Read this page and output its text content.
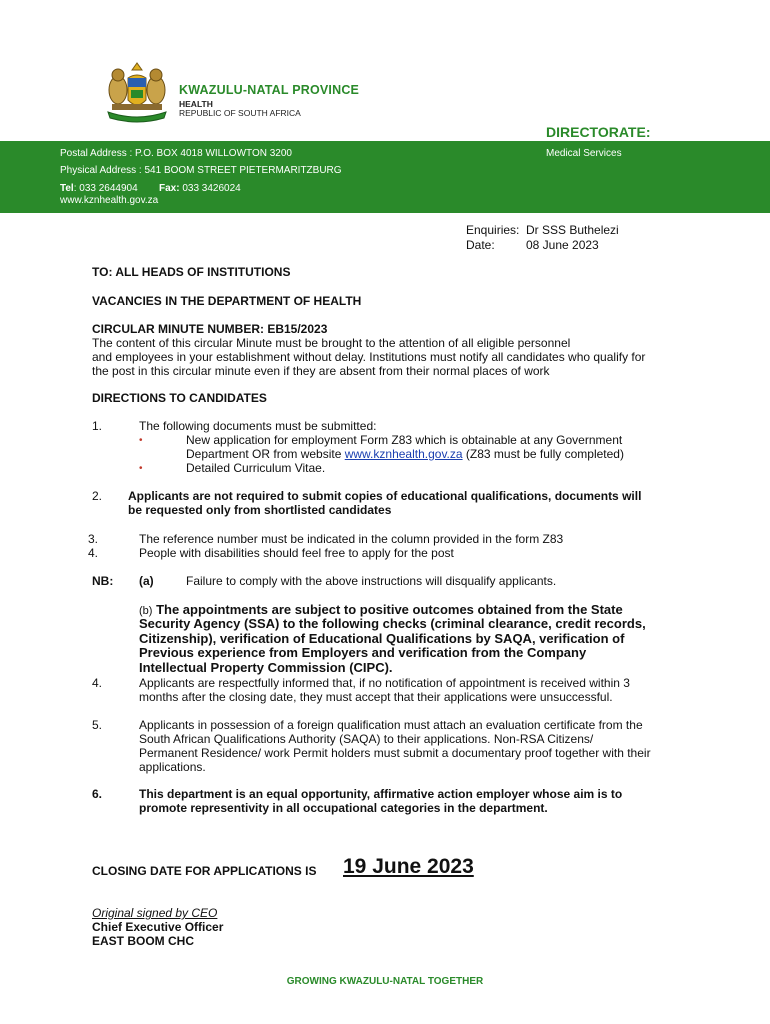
KWAZULU-NATAL PROVINCE
HEALTH
REPUBLIC OF SOUTH AFRICA
DIRECTORATE:
Postal Address : P.O. BOX 4018 WILLOWTON 3200
Physical Address : 541 BOOM STREET PIETERMARITZBURG
Tel: 033 2644904 Fax: 033 3426024
www.kznhealth.gov.za
Medical Services
Enquiries: Dr SSS Buthelezi
Date:	08 June 2023
TO: ALL HEADS OF INSTITUTIONS
VACANCIES IN THE DEPARTMENT OF HEALTH
CIRCULAR MINUTE NUMBER: EB15/2023
The content of this circular Minute must be brought to the attention of all eligible personnel
and employees in your establishment without delay. Institutions must notify all candidates who qualify for
the post in this circular minute even if they are absent from their normal places of work
DIRECTIONS TO CANDIDATES
1.	The following documents must be submitted:
•	New application for employment Form Z83 which is obtainable at any Government
Department OR from website www.kznhealth.gov.za (Z83 must be fully completed)
•	Detailed Curriculum Vitae.
2. Applicants are not required to submit copies of educational qualifications, documents will
be requested only from shortlisted candidates
3.	The reference number must be indicated in the column provided in the form Z83
4.	People with disabilities should feel free to apply for the post
NB: (a)	Failure to comply with the above instructions will disqualify applicants.
(b) The appointments are subject to positive outcomes obtained from the State
Security Agency (SSA) to the following checks (criminal clearance, credit records,
Citizenship), verification of Educational Qualifications by SAQA, verification of
Previous experience from Employers and verification from the Company
Intellectual Property Commission (CIPC).
4.	Applicants are respectfully informed that, if no notification of appointment is received within 3
months after the closing date, they must accept that their applications were unsuccessful.
5.	Applicants in possession of a foreign qualification must attach an evaluation certificate from the
South African Qualifications Authority (SAQA) to their applications. Non-RSA Citizens/
Permanent Residence/ work Permit holders must submit a documentary proof together with their
applications.
6.	This department is an equal opportunity, affirmative action employer whose aim is to
promote representivity in all occupational categories in the department.
CLOSING DATE FOR APPLICATIONS IS 19 June 2023
Original signed by CEO
Chief Executive Officer
EAST BOOM CHC
GROWING KWAZULU-NATAL TOGETHER
